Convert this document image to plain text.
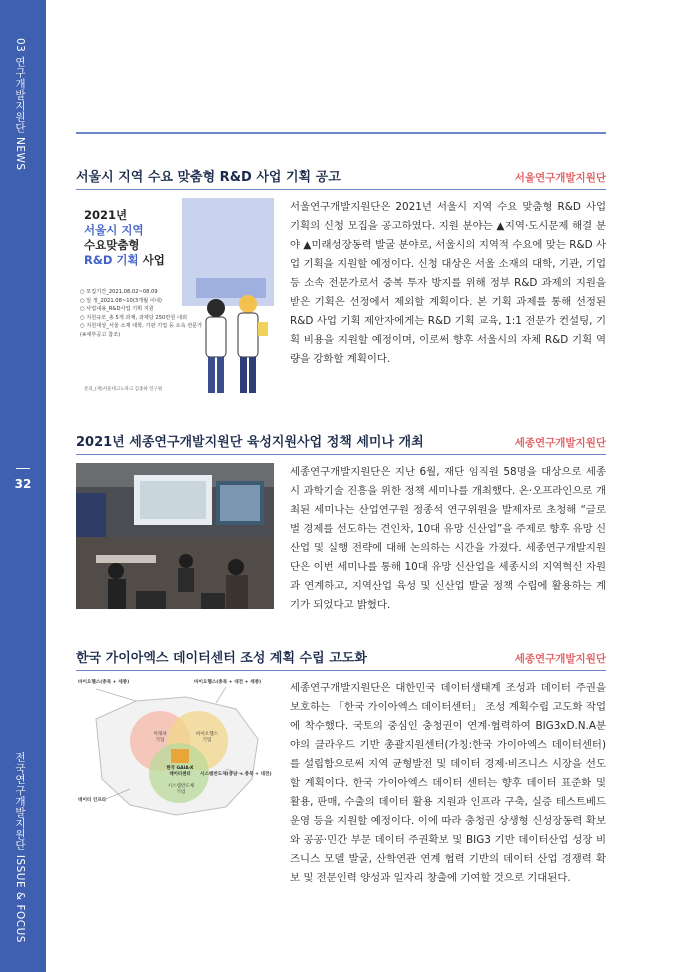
03 연구개발지원단 NEWS
32
전국연구개발지원단 ISSUE & FOCUS
서울시 지역 수요 맞춤형 R&D 사업 기획 공고	서울연구개발지원단
2021년
서울시 지역
수요맞춤형
R&D 기획 사업
○ 모집기간_2021.08.02~08.09
○ 일 정_2021.08~10(3개월 이내)
○ 사업내용_R&D사업 기획 지원
○ 지원규모_총 5개 과제, 과제당 250만원 내외
○ 지원대상_서울 소재 대학, 기관 기업 등 소속 전문가
(※세부공고 참조)
문의_(재)서울테크노파크 김종하 연구원

서울연구개발지원단은 2021년 서울시 지역 수요 맞춤형 R&D 사업 기획의 신청 모집을 공고하였다. 지원 분야는 ▲지역·도시문제 해결 분야 ▲미래성장동력 발굴 분야로, 서울시의 지역적 수요에 맞는 R&D 사업 기획을 지원할 예정이다. 신청 대상은 서울 소재의 대학, 기관, 기업 등 소속 전문가로서 중복 투자 방지를 위해 정부 R&D 과제의 지원을 받은 기획은 선정에서 제외할 계획이다. 본 기획 과제를 통해 선정된 R&D 사업 기획 제안자에게는 R&D 기획 교육, 1:1 전문가 컨설팅, 기획 비용을 지원할 예정이며, 이로써 향후 서울시의 자체 R&D 기획 역량을 강화할 계획이다.

2021년 세종연구개발지원단 육성지원사업 정책 세미나 개최	세종연구개발지원단

세종연구개발지원단은 지난 6월, 재단 임직원 58명을 대상으로 세종시 과학기술 진흥을 위한 정책 세미나를 개최했다. 온·오프라인으로 개최된 세미나는 산업연구원 정종석 연구위원을 발제자로 초청해 “글로벌 경제를 선도하는 견인차, 10대 유망 신산업”을 주제로 향후 유망 신산업 및 실행 전략에 대해 논의하는 시간을 가졌다. 세종연구개발지원단은 이번 세미나를 통해 10대 유망 신산업을 세종시의 지역혁신 자원과 연계하고, 지역산업 육성 및 신산업 발굴 정책 수립에 활용하는 계기가 되었다고 밝혔다.

한국 가이아엑스 데이터센터 조성 계획 수립 고도화	세종연구개발지원단
바이오헬스(충북 + 세종)	바이오헬스(충북 + 대전 + 세종)
시스템반도체(충남 + 충북 + 대전)
데이터 인프라
미래차
기업
바이오헬스
기업
시스템반도체
기업
한국 GAIA-X
데이터센터

세종연구개발지원단은 대한민국 데이터생태계 조성과 데이터 주권을 보호하는 「한국 가이아엑스 데이터센터」 조성 계획수립 고도화 작업에 착수했다. 국토의 중심인 충청권이 연계·협력하여 BIG3xD.N.A분야의 클라우드 기반 총괄지원센터(가칭:한국 가이아엑스 데이터센터)를 설립함으로써 지역 균형발전 및 데이터 경제·비즈니스 시장을 선도할 계획이다. 한국 가이아엑스 데이터 센터는 향후 데이터 표준화 및 활용, 판매, 수출의 데이터 활용 지원과 인프라 구축, 실증 테스트베드 운영 등을 지원할 예정이다. 이에 따라 충청권 상생형 신성장동력 확보와 공공·민간 부문 데이터 주권확보 및 BIG3 기반 데이터산업 성장 비즈니스 모델 발굴, 산학연관 연계 협력 기반의 데이터 산업 경쟁력 확보 및 전문인력 양성과 일자리 창출에 기여할 것으로 기대된다.
